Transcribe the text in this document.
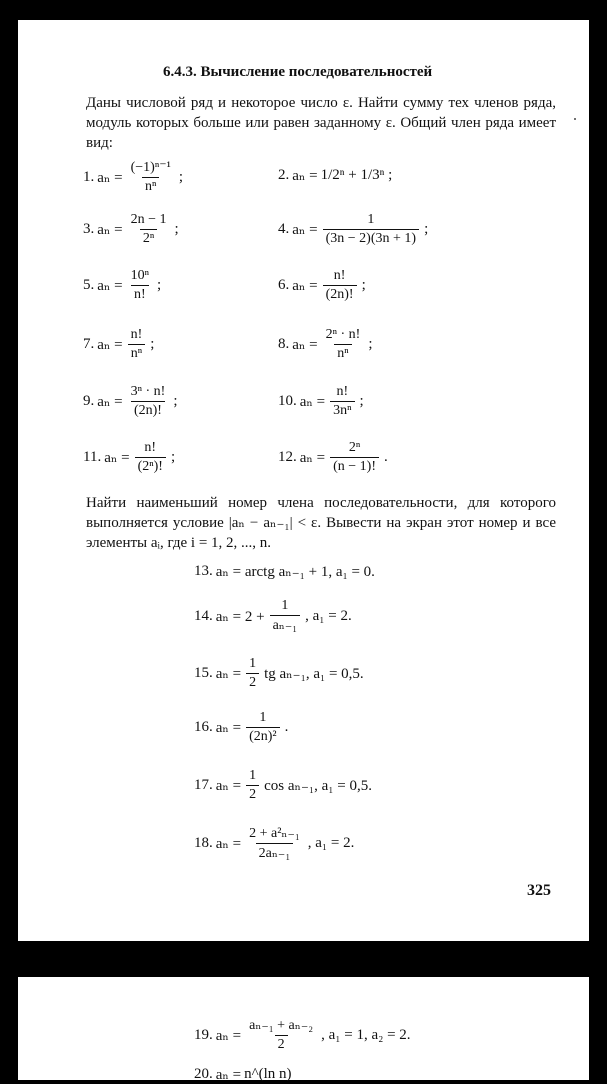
6.4.3. Вычисление последовательностей
Даны числовой ряд и некоторое число ε. Найти сумму тех членов ряда, модуль которых больше или равен заданному ε. Общий член ряда имеет вид:
1. $a_n = \frac{\text{(−1)ⁿ⁻¹}}{\text{nⁿ}}$ ;	2. aₙ = 1/2ⁿ + 1/3ⁿ ;
3. $a_n = \frac{2n - 1}{\text{2ⁿ}}$ ;	4. $a_n = \frac{1}{(3n - 2)(3n + 1)}$ ;
5. $a_n = \frac{\text{10ⁿ}}{n!}$ ;	6. $a_n = \frac{n!}{(2n)!}$ ;
7. $a_n = \frac{n!}{\text{nⁿ}}$ ;	8. $a_n = \frac{\text{2ⁿ · n!}}{\text{nⁿ}}$ ;
9. $a_n = \frac{\text{3ⁿ · n!}}{(2n)!}$ ;	10. $a_n = \frac{n!}{\text{3nⁿ}}$ ;
11. $a_n = \frac{n!}{\text{(2ⁿ)!}}$ ;	12. $a_n = \frac{\text{2ⁿ}}{(n - 1)!}$ .
Найти наименьший номер члена последовательности, для которого выполняется условие |aₙ − aₙ₋₁| < ε. Вывести на экран этот номер и все элементы aᵢ, где i = 1, 2, ..., n.
13. aₙ = arctg aₙ₋₁ + 1, a₁ = 0.
14. $a_n = 2 + \frac{1}{\text{aₙ₋₁}}$ , a₁ = 2.
15. $a_n = \frac{1}{2}$ tg aₙ₋₁, a₁ = 0,5.
16. $a_n = \frac{1}{\text{(2n)²}}$ .
17. $a_n = \frac{1}{2}$ cos aₙ₋₁, a₁ = 0,5.
18. $a_n = \frac{\text{2 + a²ₙ₋₁}}{\text{2aₙ₋₁}}$ , a₁ = 2.
325
19. $a_n = \frac{\text{aₙ₋₁ + aₙ₋₂}}{2}$ , a₁ = 1, a₂ = 2.
20. aₙ = n^(ln n)
